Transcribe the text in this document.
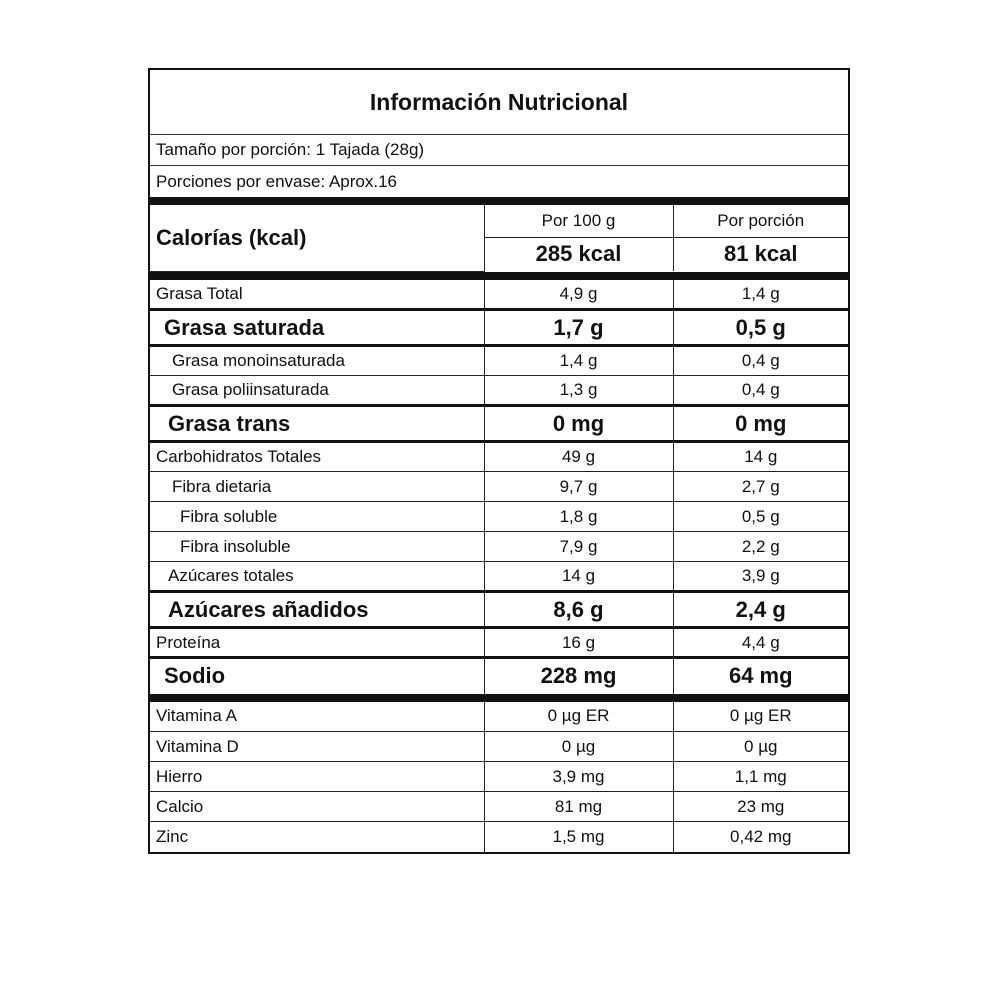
Información Nutricional
Tamaño por porción: 1 Tajada (28g)
Porciones por envase: Aprox.16
Calorías (kcal)	Por 100 g	Por porción
	285 kcal	81 kcal
Grasa Total	4,9 g	1,4 g
Grasa saturada	1,7 g	0,5 g
Grasa monoinsaturada	1,4 g	0,4 g
Grasa poliinsaturada	1,3 g	0,4 g
Grasa trans	0 mg	0 mg
Carbohidratos Totales	49 g	14 g
Fibra dietaria	9,7 g	2,7 g
Fibra soluble	1,8 g	0,5 g
Fibra insoluble	7,9 g	2,2 g
Azúcares totales	14 g	3,9 g
Azúcares añadidos	8,6 g	2,4 g
Proteína	16 g	4,4 g
Sodio	228 mg	64 mg
Vitamina A	0 µg ER	0 µg ER
Vitamina D	0 µg	0 µg
Hierro	3,9 mg	1,1 mg
Calcio	81 mg	23 mg
Zinc	1,5 mg	0,42 mg
